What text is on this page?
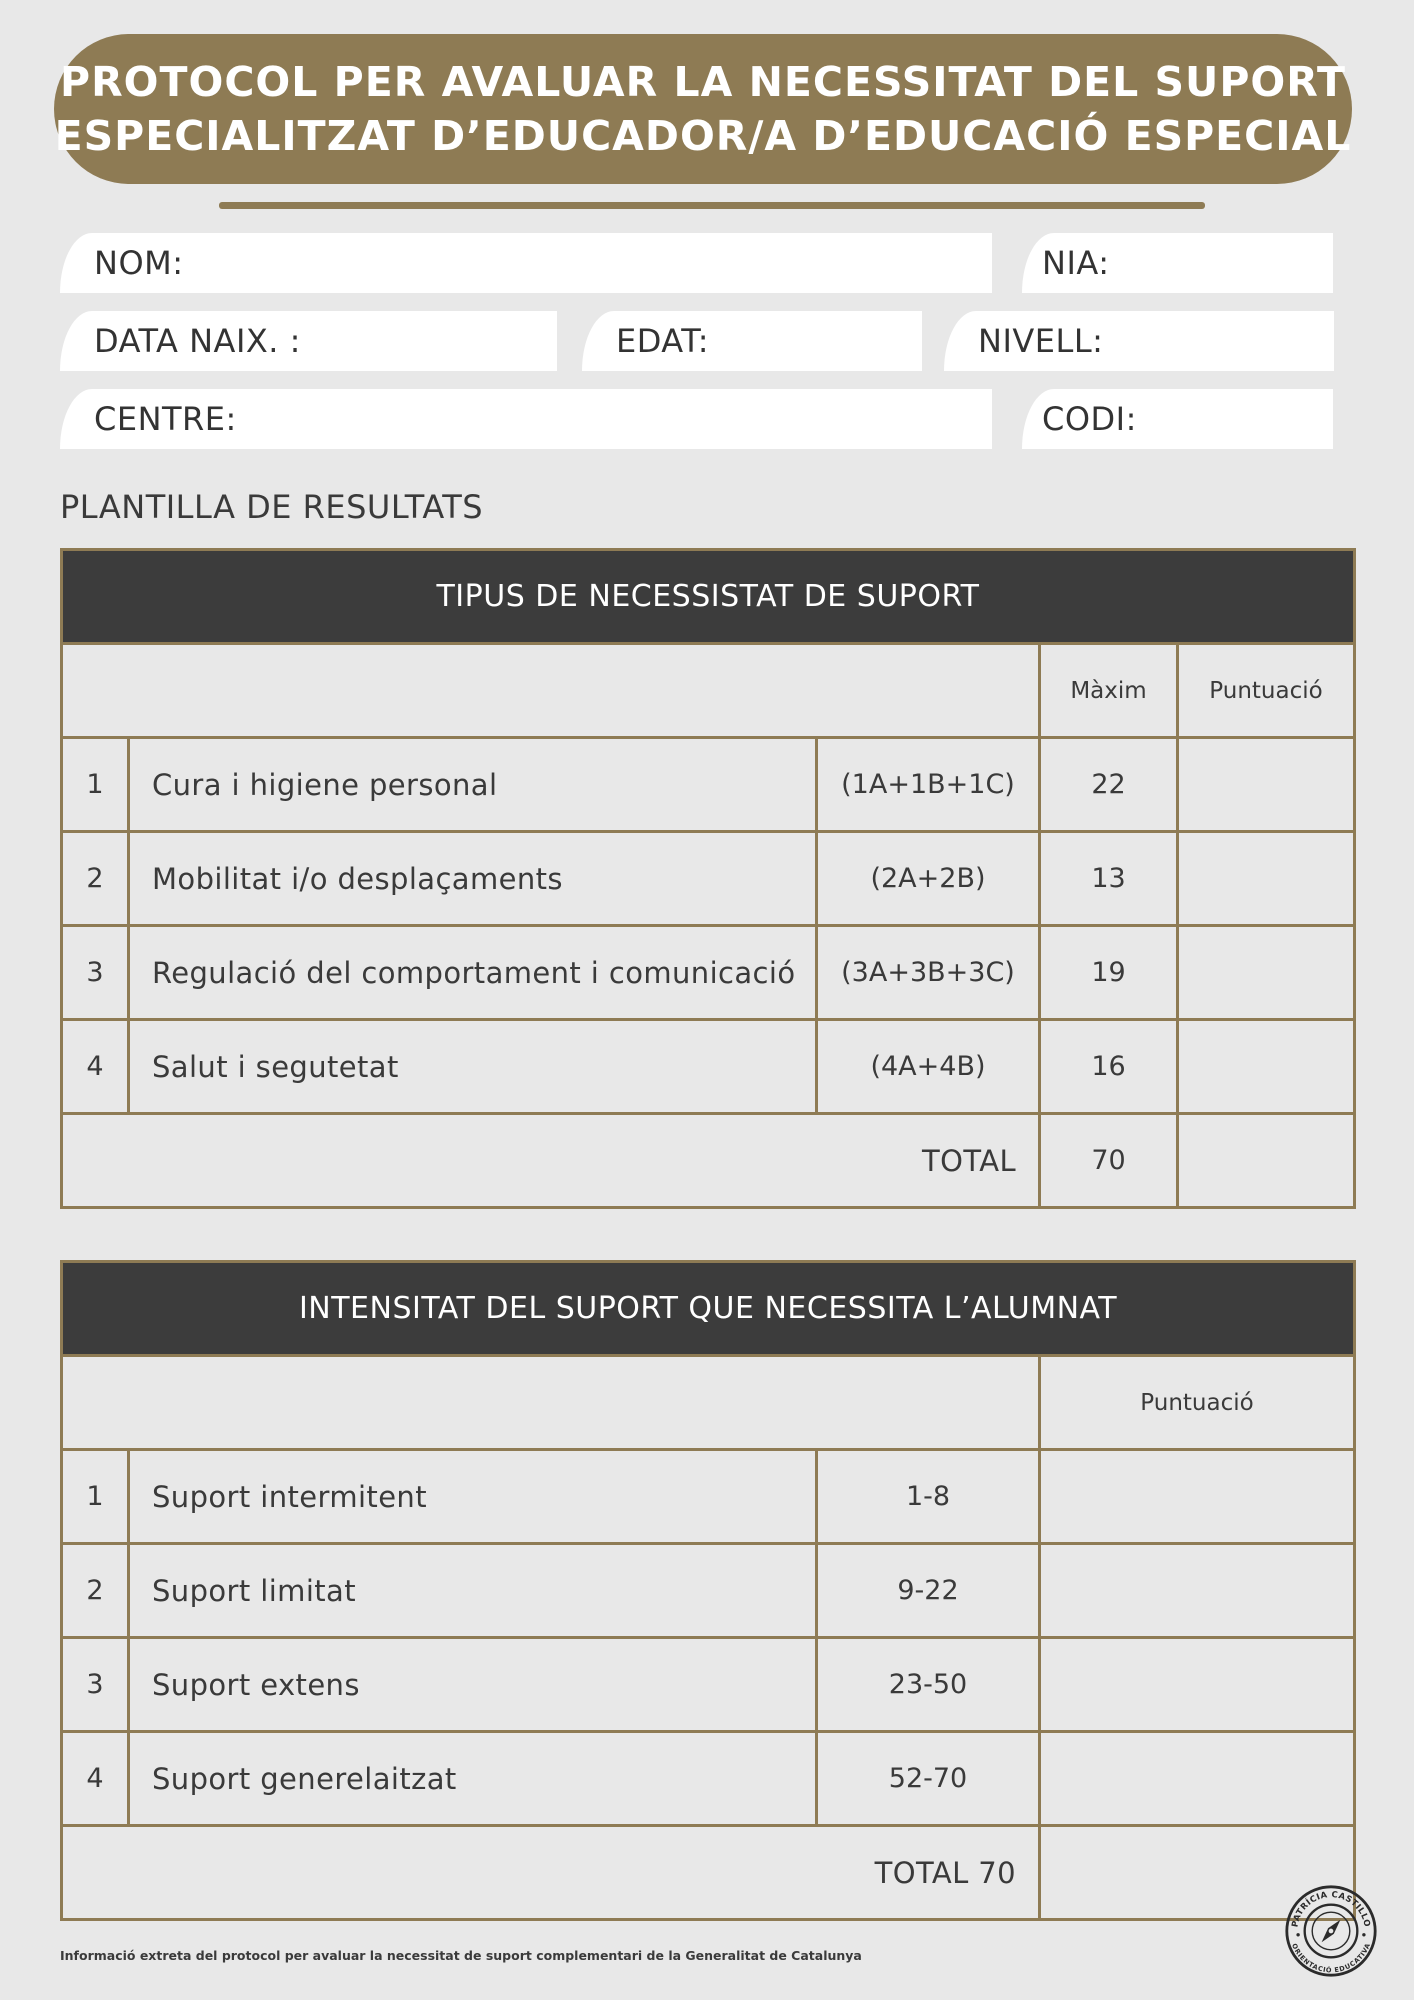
PROTOCOL PER AVALUAR LA NECESSITAT DEL SUPORT
ESPECIALITZAT D’EDUCADOR/A D’EDUCACIÓ ESPECIAL
NOM:	NIA:
DATA NAIX. :	EDAT:	NIVELL:
CENTRE:	CODI:
PLANTILLA DE RESULTATS
TIPUS DE NECESSISTAT DE SUPORT				
			Màxim	Puntuació
1	Cura i higiene personal	(1A+1B+1C)	22	
2	Mobilitat i/o desplaçaments	(2A+2B)	13	
3	Regulació del comportament i comunicació	(3A+3B+3C)	19	
4	Salut i segutetat	(4A+4B)	16	
TOTAL			70	
INTENSITAT DEL SUPORT QUE NECESSITA L’ALUMNAT			
			Puntuació
1	Suport intermitent	1-8	
2	Suport limitat	9-22	
3	Suport extens	23-50	
4	Suport generelaitzat	52-70	
TOTAL 70			
Informació extreta del protocol per avaluar la necessitat de suport complementari de la Generalitat de Catalunya
PATRÍCIA CASTILLO
ORIENTACIÓ EDUCATIVA
